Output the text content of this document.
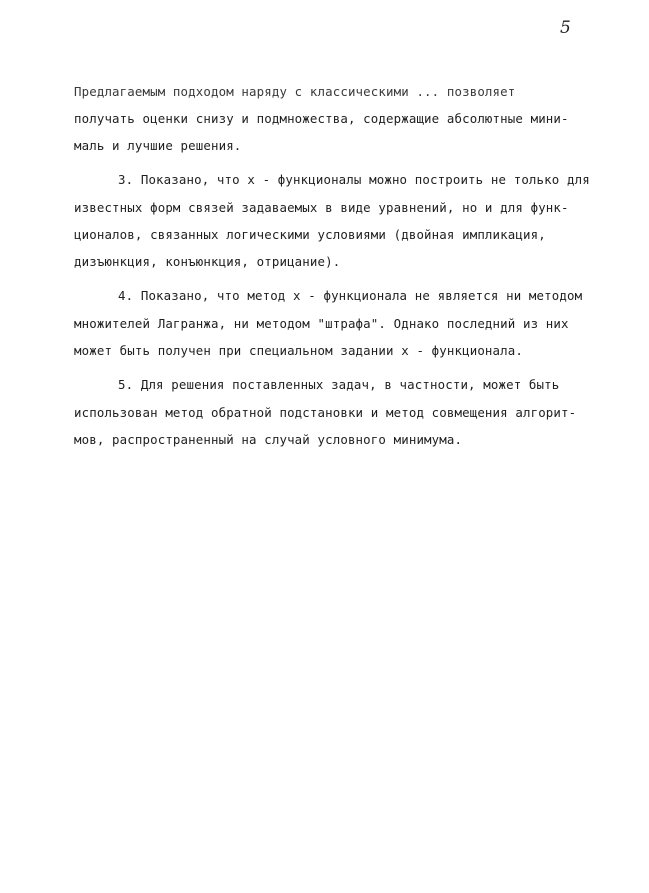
5
Предлагаемым подходом наряду с классическими ... позволяет
получать оценки снизу и подмножества, содержащие абсолютные мини-
маль и лучшие решения.
3. Показано, что x - функционалы можно построить не только для
известных форм связей задаваемых в виде уравнений, но и для функ-
ционалов, связанных логическими условиями (двойная импликация,
дизъюнкция, конъюнкция, отрицание).
4. Показано, что метод x - функционала не является ни методом
множителей Лагранжа, ни методом "штрафа". Однако последний из них
может быть получен при специальном задании x - функционала.
5. Для решения поставленных задач, в частности, может быть
использован метод обратной подстановки и метод совмещения алгорит-
мов, распространенный на случай условного минимума.
